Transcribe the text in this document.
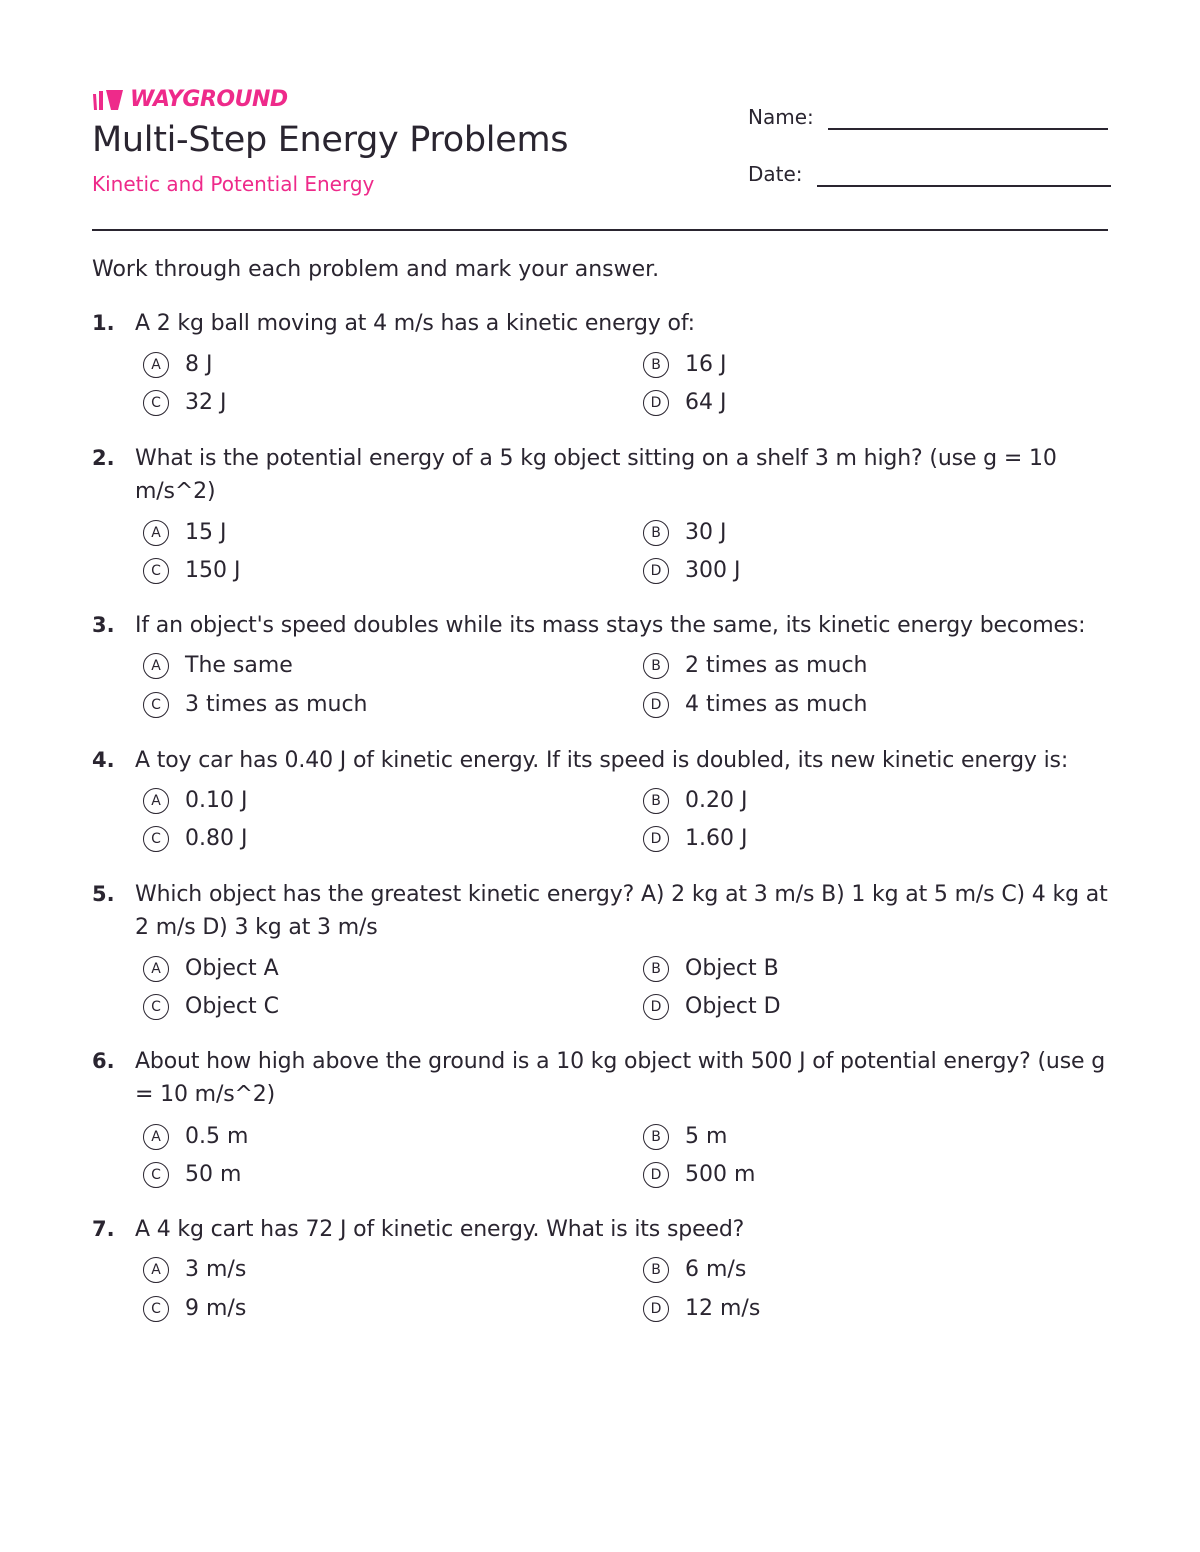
WAYGROUND
Multi-Step Energy Problems
Kinetic and Potential Energy
Name:
Date:
Work through each problem and mark your answer.
1. A 2 kg ball moving at 4 m/s has a kinetic energy of:
A	8 J	B	16 J
C	32 J	D	64 J
2. What is the potential energy of a 5 kg object sitting on a shelf 3 m high? (use g = 10 m/s^2)
A	15 J	B	30 J
C	150 J	D	300 J
3. If an object's speed doubles while its mass stays the same, its kinetic energy becomes:
A	The same	B	2 times as much
C	3 times as much	D	4 times as much
4. A toy car has 0.40 J of kinetic energy. If its speed is doubled, its new kinetic energy is:
A	0.10 J	B	0.20 J
C	0.80 J	D	1.60 J
5. Which object has the greatest kinetic energy? A) 2 kg at 3 m/s B) 1 kg at 5 m/s C) 4 kg at 2 m/s D) 3 kg at 3 m/s
A	Object A	B	Object B
C	Object C	D	Object D
6. About how high above the ground is a 10 kg object with 500 J of potential energy? (use g = 10 m/s^2)
A	0.5 m	B	5 m
C	50 m	D	500 m
7. A 4 kg cart has 72 J of kinetic energy. What is its speed?
A	3 m/s	B	6 m/s
C	9 m/s	D	12 m/s
